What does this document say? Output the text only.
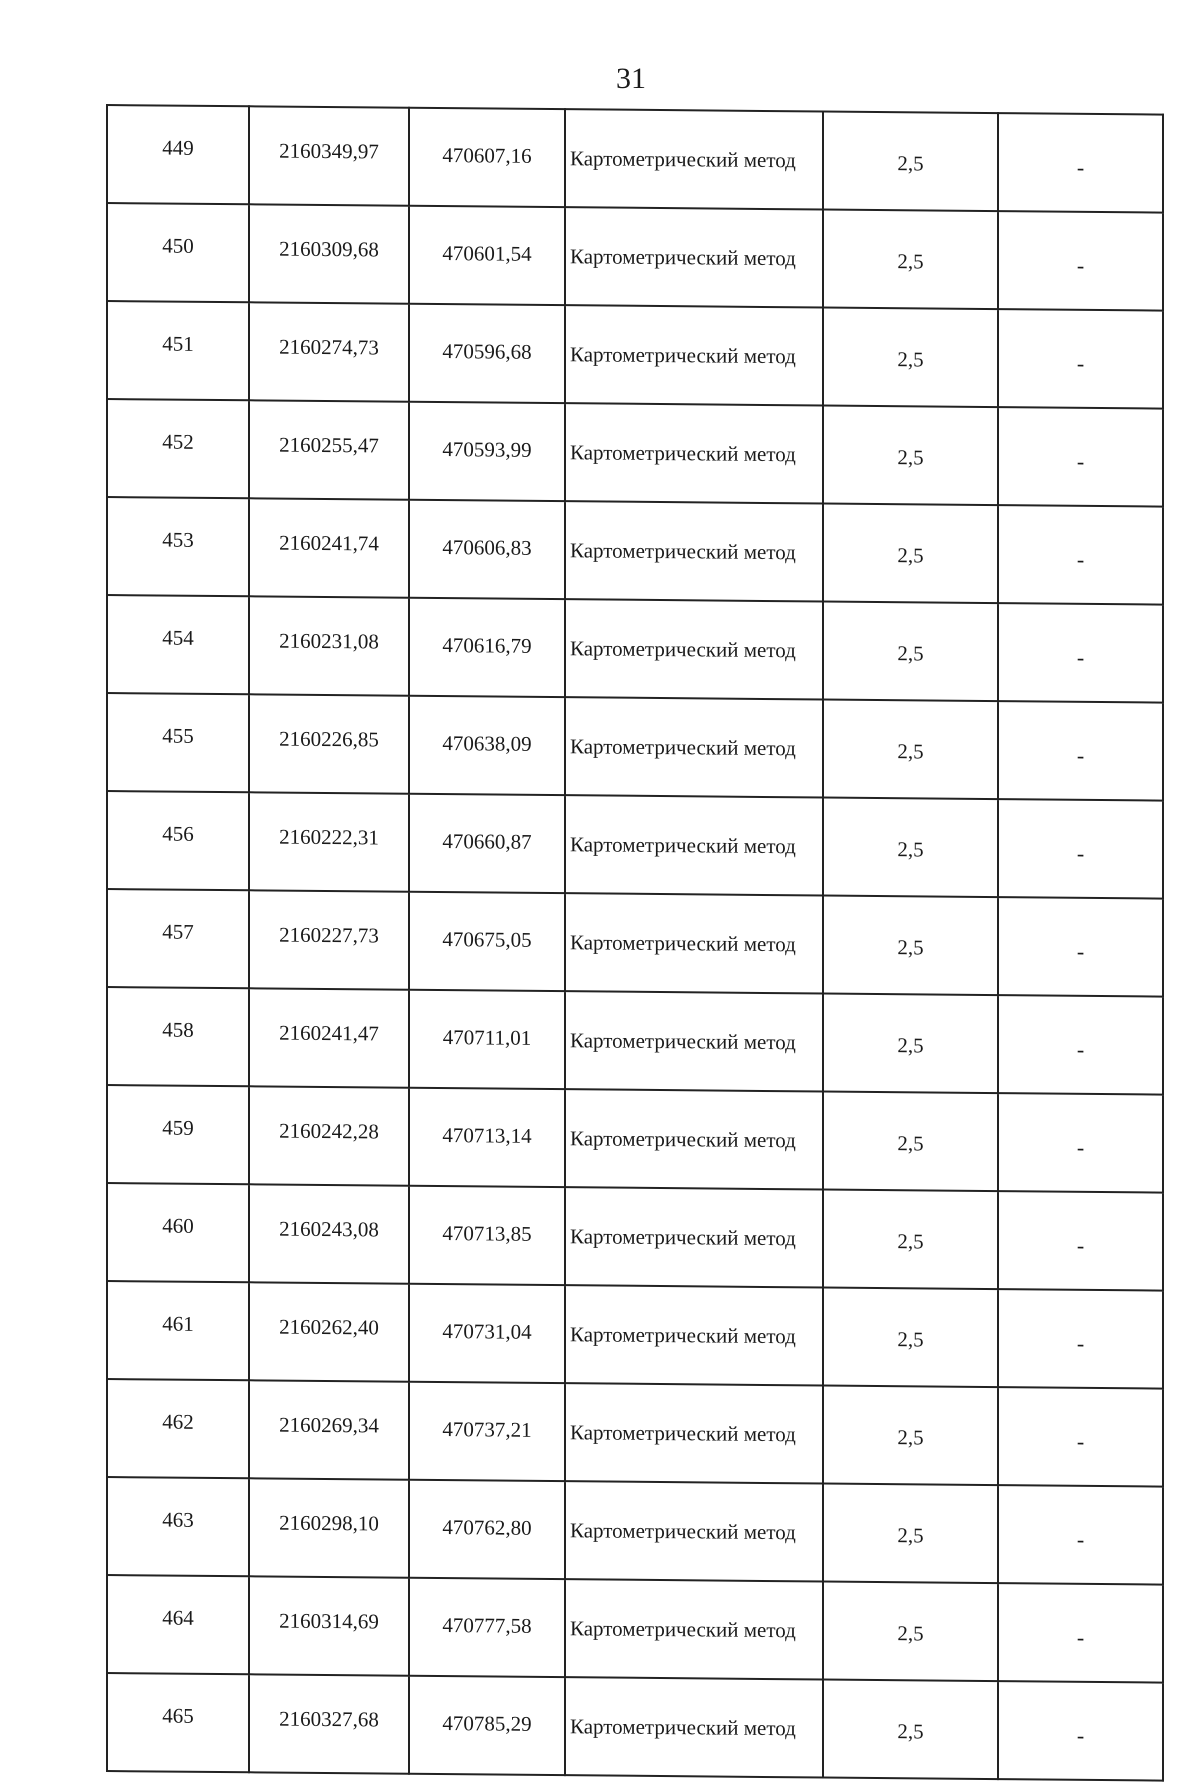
31
449	2160349,97	470607,16	Картометрический метод	2,5	-
450	2160309,68	470601,54	Картометрический метод	2,5	-
451	2160274,73	470596,68	Картометрический метод	2,5	-
452	2160255,47	470593,99	Картометрический метод	2,5	-
453	2160241,74	470606,83	Картометрический метод	2,5	-
454	2160231,08	470616,79	Картометрический метод	2,5	-
455	2160226,85	470638,09	Картометрический метод	2,5	-
456	2160222,31	470660,87	Картометрический метод	2,5	-
457	2160227,73	470675,05	Картометрический метод	2,5	-
458	2160241,47	470711,01	Картометрический метод	2,5	-
459	2160242,28	470713,14	Картометрический метод	2,5	-
460	2160243,08	470713,85	Картометрический метод	2,5	-
461	2160262,40	470731,04	Картометрический метод	2,5	-
462	2160269,34	470737,21	Картометрический метод	2,5	-
463	2160298,10	470762,80	Картометрический метод	2,5	-
464	2160314,69	470777,58	Картометрический метод	2,5	-
465	2160327,68	470785,29	Картометрический метод	2,5	-
